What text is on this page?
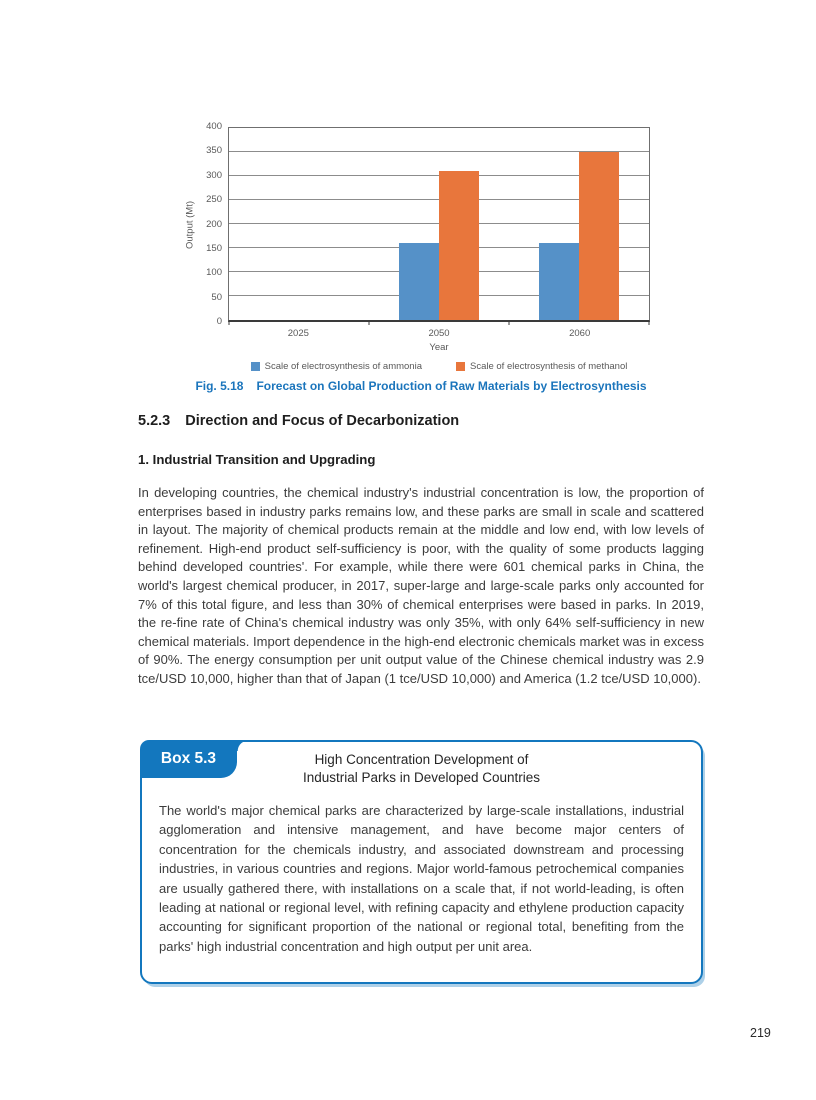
Output (Mt)
0
50
100
150
200
250
300
350
400
2025	2050	2060
Year
Scale of electrosynthesis of ammonia	Scale of electrosynthesis of methanol
Fig. 5.18 Forecast on Global Production of Raw Materials by Electrosynthesis
5.2.3 Direction and Focus of Decarbonization
1. Industrial Transition and Upgrading

In developing countries, the chemical industry's industrial concentration is low, the proportion of enterprises based in industry parks remains low, and these parks are small in scale and scattered in layout. The majority of chemical products remain at the middle and low end, with low levels of refinement. High-end product self-sufficiency is poor, with the quality of some products lagging behind developed countries'. For example, while there were 601 chemical parks in China, the world's largest chemical producer, in 2017, super-large and large-scale parks only accounted for 7% of this total figure, and less than 30% of chemical enterprises were based in parks. In 2019, the re-fine rate of China's chemical industry was only 35%, with only 64% self-sufficiency in new chemical materials. Import dependence in the high-end electronic chemicals market was in excess of 90%. The energy consumption per unit output value of the Chinese chemical industry was 2.9 tce/USD 10,000, higher than that of Japan (1 tce/USD 10,000) and America (1.2 tce/USD 10,000).

Box 5.3	High Concentration Development of
Industrial Parks in Developed Countries

The world's major chemical parks are characterized by large-scale installations, industrial agglomeration and intensive management, and have become major centers of concentration for the chemicals industry, and associated downstream and processing industries, in various countries and regions. Major world-famous petrochemical companies are usually gathered there, with installations on a scale that, if not world-leading, is often leading at national or regional level, with refining capacity and ethylene production capacity accounting for significant proportion of the national or regional total, benefiting from the parks' high industrial concentration and high output per unit area.

219
